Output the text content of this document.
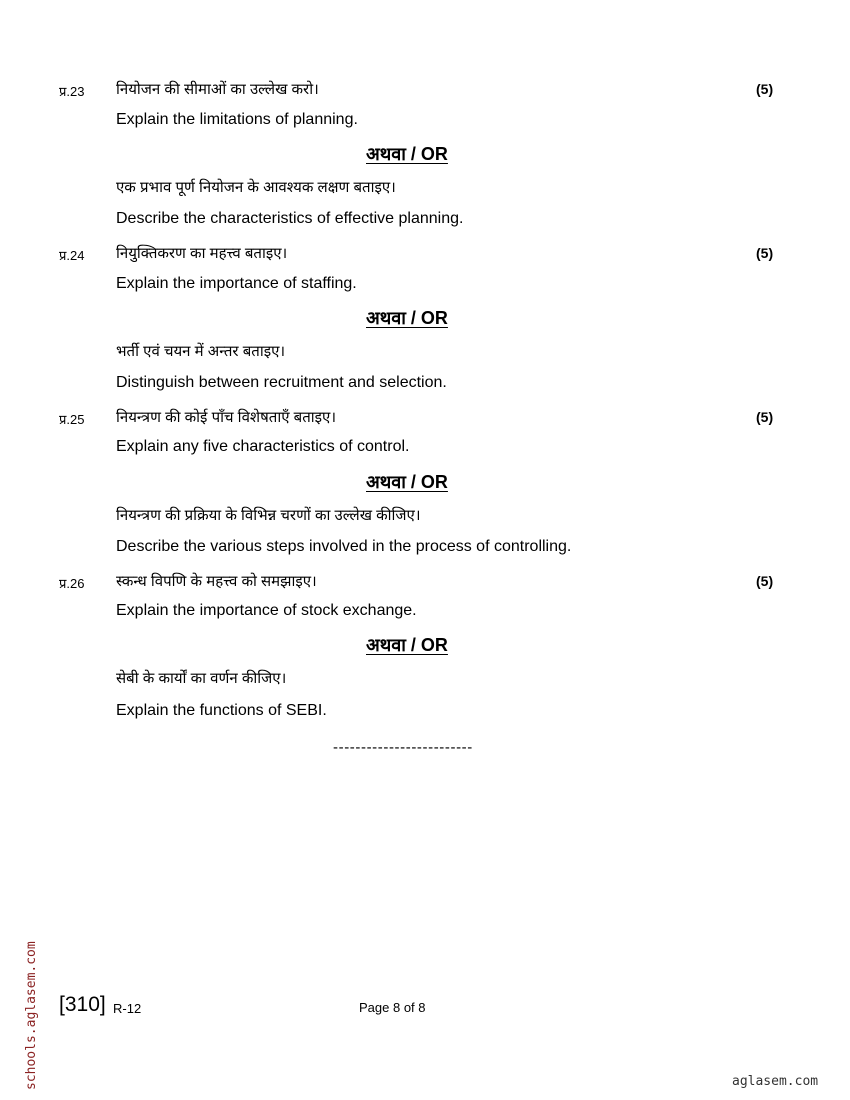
प्र.23 नियोजन की सीमाओं का उल्लेख करो।	(5)
Explain the limitations of planning.
अथवा / OR
एक प्रभाव पूर्ण नियोजन के आवश्यक लक्षण बताइए।
Describe the characteristics of effective planning.
प्र.24 नियुक्तिकरण का महत्त्व बताइए।	(5)
Explain the importance of staffing.
अथवा / OR
भर्ती एवं चयन में अन्तर बताइए।
Distinguish between recruitment and selection.
प्र.25 नियन्त्रण की कोई पाँच विशेषताएँ बताइए।	(5)
Explain any five characteristics of control.
अथवा / OR
नियन्त्रण की प्रक्रिया के विभिन्न चरणों का उल्लेख कीजिए।
Describe the various steps involved in the process of controlling.
प्र.26 स्कन्ध विपणि के महत्त्व को समझाइए।	(5)
Explain the importance of stock exchange.
अथवा / OR
सेबी के कार्यों का वर्णन कीजिए।
Explain the functions of SEBI.
-------------------------
[310] R-12	Page 8 of 8
schools.aglasem.com	aglasem.com
